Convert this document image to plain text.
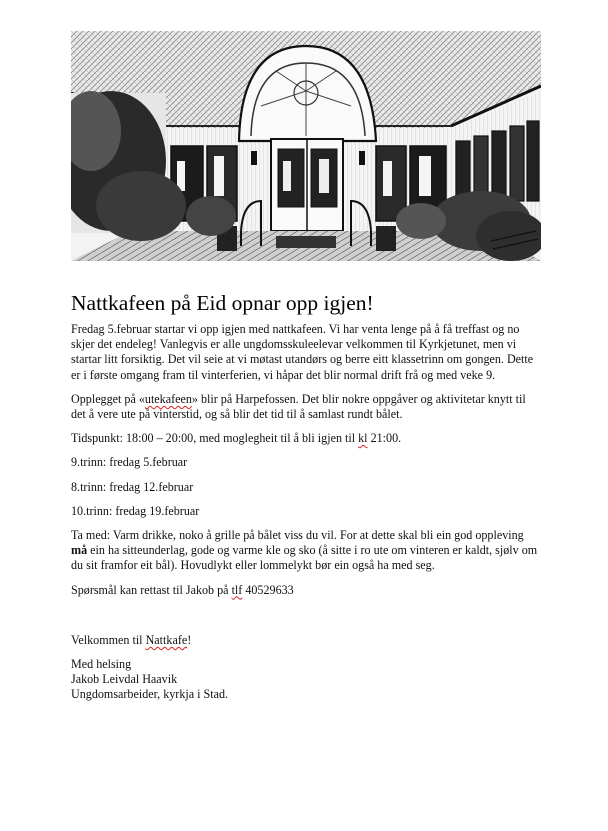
Nattkafeen på Eid opnar opp igjen!

Fredag 5.februar startar vi opp igjen med nattkafeen. Vi har venta lenge på å få treffast og no skjer det endeleg! Vanlegvis er alle ungdomsskuleelevar velkommen til Kyrkjetunet, men vi startar litt forsiktig. Det vil seie at vi møtast utandørs og berre eitt klassetrinn om gongen. Dette er i første omgang fram til vinterferien, vi håpar det blir normal drift frå og med veke 9.

Opplegget på «utekafeen» blir på Harpefossen. Det blir nokre oppgåver og aktivitetar knytt til det å vere ute på vinterstid, og så blir det tid til å samlast rundt bålet.

Tidspunkt: 18:00 – 20:00, med moglegheit til å bli igjen til kl 21:00.

9.trinn: fredag 5.februar

8.trinn: fredag 12.februar

10.trinn: fredag 19.februar

Ta med: Varm drikke, noko å grille på bålet viss du vil. For at dette skal bli ein god oppleving må ein ha sitteunderlag, gode og varme kle og sko (å sitte i ro ute om vinteren er kaldt, sjølv om du sit framfor eit bål). Hovudlykt eller lommelykt bør ein også ha med seg.

Spørsmål kan rettast til Jakob på tlf 40529633

Velkommen til Nattkafe!

Med helsing

Jakob Leivdal Haavik

Ungdomsarbeider, kyrkja i Stad.
